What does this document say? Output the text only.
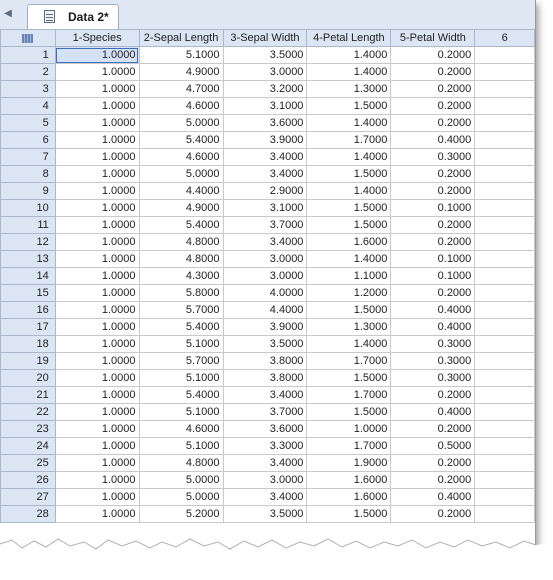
◀	Data 2*
	1-Species	2-Sepal Length	3-Sepal Width	4-Petal Length	5-Petal Width	6
1	1.0000	5.1000	3.5000	1.4000	0.2000	
2	1.0000	4.9000	3.0000	1.4000	0.2000	
3	1.0000	4.7000	3.2000	1.3000	0.2000	
4	1.0000	4.6000	3.1000	1.5000	0.2000	
5	1.0000	5.0000	3.6000	1.4000	0.2000	
6	1.0000	5.4000	3.9000	1.7000	0.4000	
7	1.0000	4.6000	3.4000	1.4000	0.3000	
8	1.0000	5.0000	3.4000	1.5000	0.2000	
9	1.0000	4.4000	2.9000	1.4000	0.2000	
10	1.0000	4.9000	3.1000	1.5000	0.1000	
11	1.0000	5.4000	3.7000	1.5000	0.2000	
12	1.0000	4.8000	3.4000	1.6000	0.2000	
13	1.0000	4.8000	3.0000	1.4000	0.1000	
14	1.0000	4.3000	3.0000	1.1000	0.1000	
15	1.0000	5.8000	4.0000	1.2000	0.2000	
16	1.0000	5.7000	4.4000	1.5000	0.4000	
17	1.0000	5.4000	3.9000	1.3000	0.4000	
18	1.0000	5.1000	3.5000	1.4000	0.3000	
19	1.0000	5.7000	3.8000	1.7000	0.3000	
20	1.0000	5.1000	3.8000	1.5000	0.3000	
21	1.0000	5.4000	3.4000	1.7000	0.2000	
22	1.0000	5.1000	3.7000	1.5000	0.4000	
23	1.0000	4.6000	3.6000	1.0000	0.2000	
24	1.0000	5.1000	3.3000	1.7000	0.5000	
25	1.0000	4.8000	3.4000	1.9000	0.2000	
26	1.0000	5.0000	3.0000	1.6000	0.2000	
27	1.0000	5.0000	3.4000	1.6000	0.4000	
28	1.0000	5.2000	3.5000	1.5000	0.2000	
